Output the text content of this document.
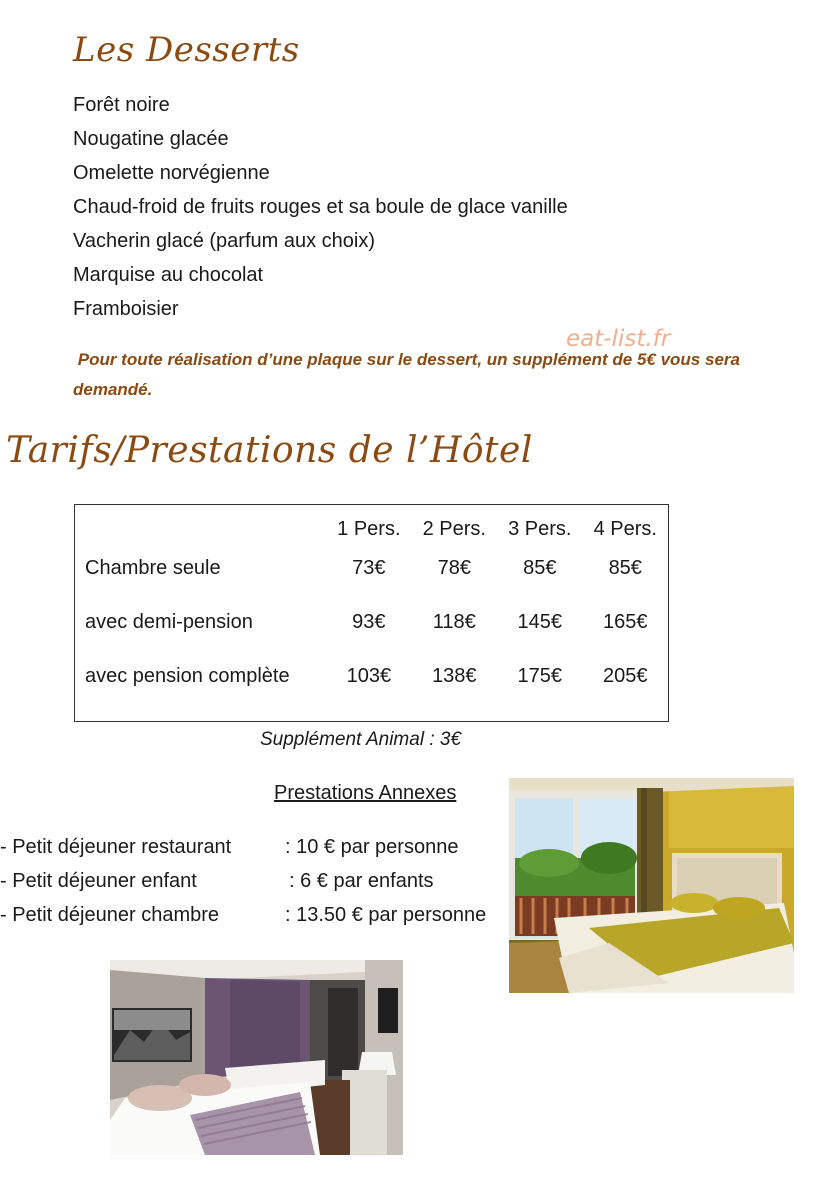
Les Desserts
Forêt noire
Nougatine glacée
Omelette norvégienne
Chaud-froid de fruits rouges et sa boule de glace vanille
Vacherin glacé (parfum aux choix)
Marquise au chocolat
Framboisier
eat-list.fr
Pour toute réalisation d’une plaque sur le dessert, un supplément de 5€ vous sera demandé.
Tarifs/Prestations de l’Hôtel
	1 Pers.	2 Pers.	3 Pers.	4 Pers.
Chambre seule	73€	78€	85€	85€
avec demi-pension	93€	118€	145€	165€
avec pension complète	103€	138€	175€	205€
Supplément Animal : 3€
Prestations Annexes
- Petit déjeuner restaurant	: 10 € par personne
- Petit déjeuner enfant	: 6 € par enfants
- Petit déjeuner chambre	: 13.50 € par personne
